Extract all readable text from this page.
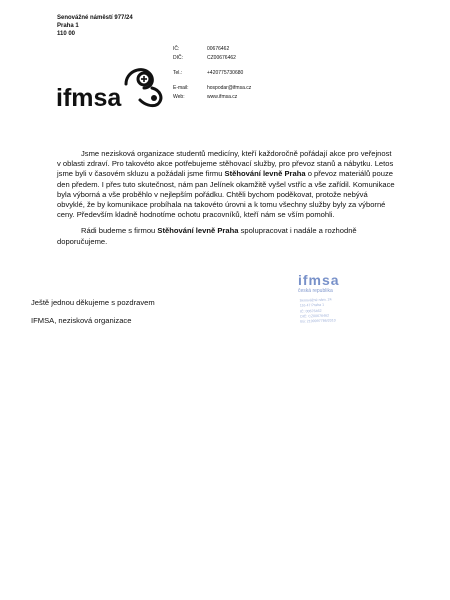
Senovážné náměstí 977/24
Praha 1
110 00
ifmsa
IČ:	00676462
DIČ:	CZ00676462
Tel.:	+420775730680
E-mail:	hospodar@ifmsa.cz
Web:	www.ifmsa.cz

Jsme nezisková organizace studentů medicíny, kteří každoročně pořádají akce pro veřejnost v oblasti zdraví. Pro takovéto akce potřebujeme stěhovací služby, pro převoz stanů a nábytku. Letos jsme byli v časovém skluzu a požádali jsme firmu Stěhování levně Praha o převoz materiálů pouze den předem. I přes tuto skutečnost, nám pan Jelínek okamžitě vyšel vstříc a vše zařídil. Komunikace byla výborná a vše proběhlo v nejlepším pořádku. Chtěli bychom poděkovat, protože nebývá obvyklé, že by komunikace probíhala na takovéto úrovni a k tomu všechny služby byly za výborné ceny. Především kladně hodnotíme ochotu pracovníků, kteří nám se vším pomohli.

Rádi budeme s firmou Stěhování levně Praha spolupracovat i nadále a rozhodně doporučujeme.

Ještě jednou děkujeme s pozdravem
IFMSA, nezisková organizace
ifmsa
česká republika
Senovážné nám. 24
116 47 Praha 1
IČ: 00676462
DIČ: CZ00676462
Bú: 2100097786/2010
